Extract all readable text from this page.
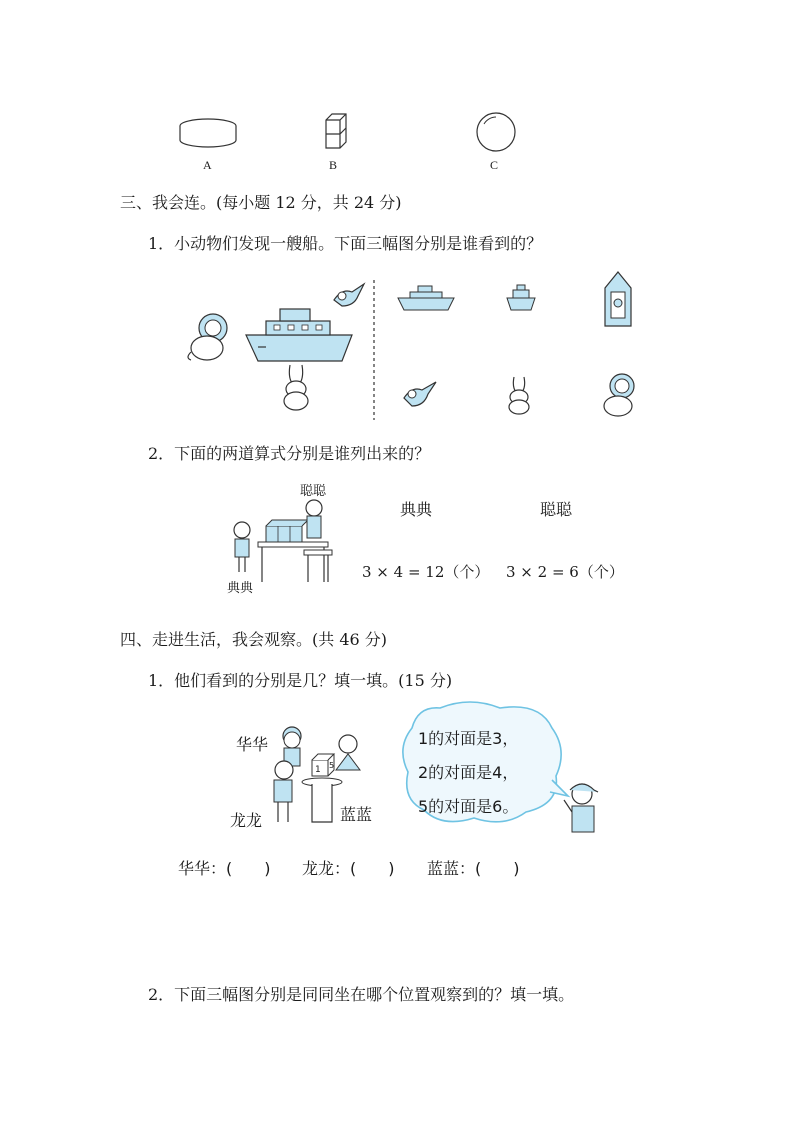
A	B	C
三、我会连。(每小题 12 分，共 24 分)
1．小动物们发现一艘船。下面三幅图分别是谁看到的？
2．下面的两道算式分别是谁列出来的？
聪聪
典典
典典	聪聪
3 × 4 = 12（个） 3 × 2 = 6（个）
四、走进生活，我会观察。(共 46 分)
1．他们看到的分别是几？填一填。(15 分)
华华
龙龙	蓝蓝
1 5
1的对面是3，
2的对面是4，
5的对面是6。
华华：(　　) 龙龙：(　　) 蓝蓝：(　　)
2．下面三幅图分别是同同坐在哪个位置观察到的？填一填。
